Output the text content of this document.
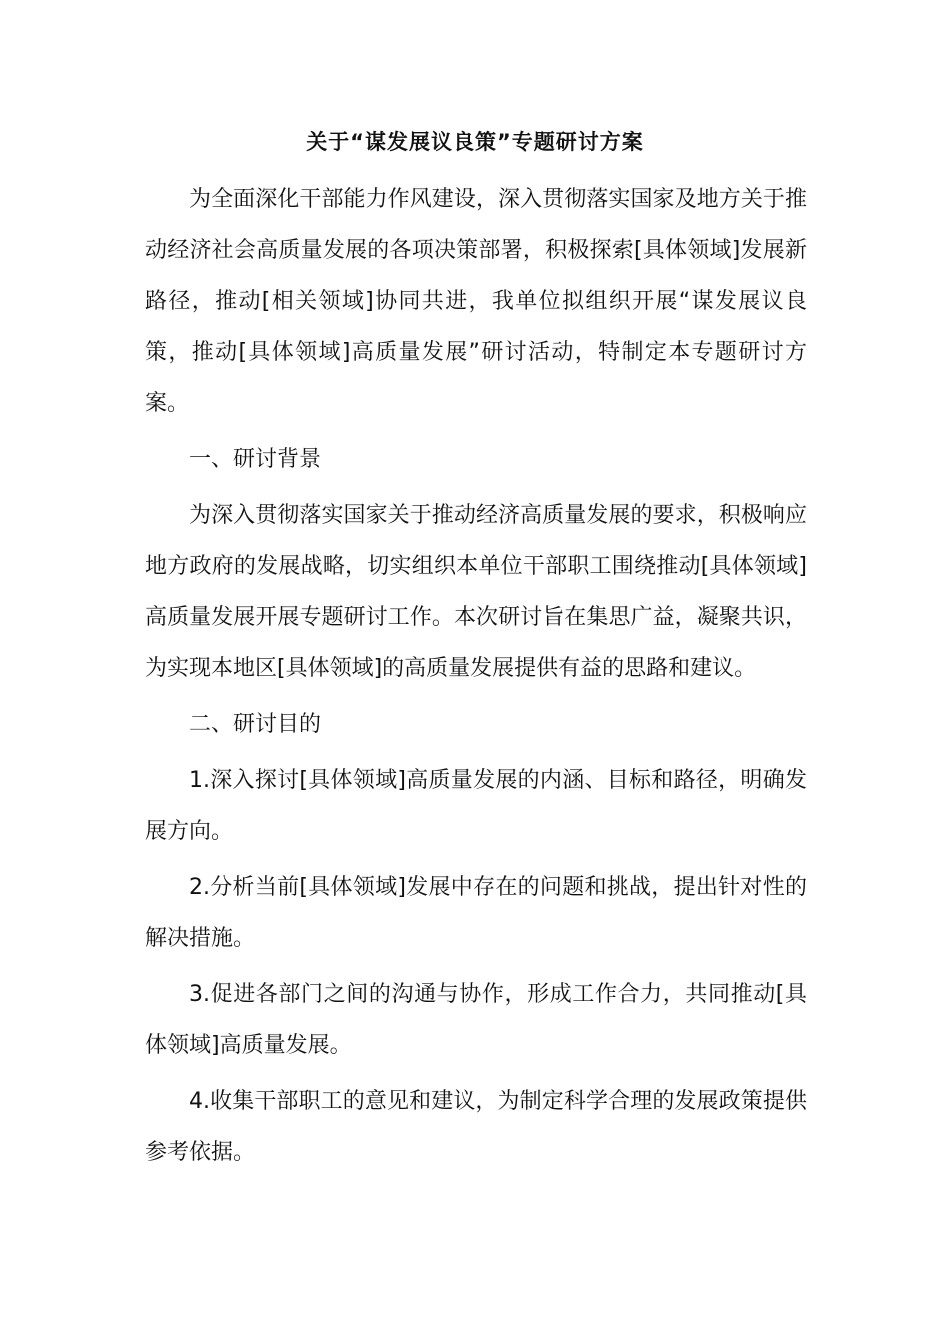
关于“谋发展议良策”专题研讨方案

为全面深化干部能力作风建设，深入贯彻落实国家及地方关于推动经济社会高质量发展的各项决策部署，积极探索[具体领域]发展新路径，推动[相关领域]协同共进，我单位拟组织开展“谋发展议良策，推动[具体领域]高质量发展”研讨活动，特制定本专题研讨方案。

一、研讨背景

为深入贯彻落实国家关于推动经济高质量发展的要求，积极响应地方政府的发展战略，切实组织本单位干部职工围绕推动[具体领域]高质量发展开展专题研讨工作。本次研讨旨在集思广益，凝聚共识，为实现本地区[具体领域]的高质量发展提供有益的思路和建议。

二、研讨目的

1.深入探讨[具体领域]高质量发展的内涵、目标和路径，明确发展方向。

2.分析当前[具体领域]发展中存在的问题和挑战，提出针对性的解决措施。

3.促进各部门之间的沟通与协作，形成工作合力，共同推动[具体领域]高质量发展。

4.收集干部职工的意见和建议，为制定科学合理的发展政策提供参考依据。
